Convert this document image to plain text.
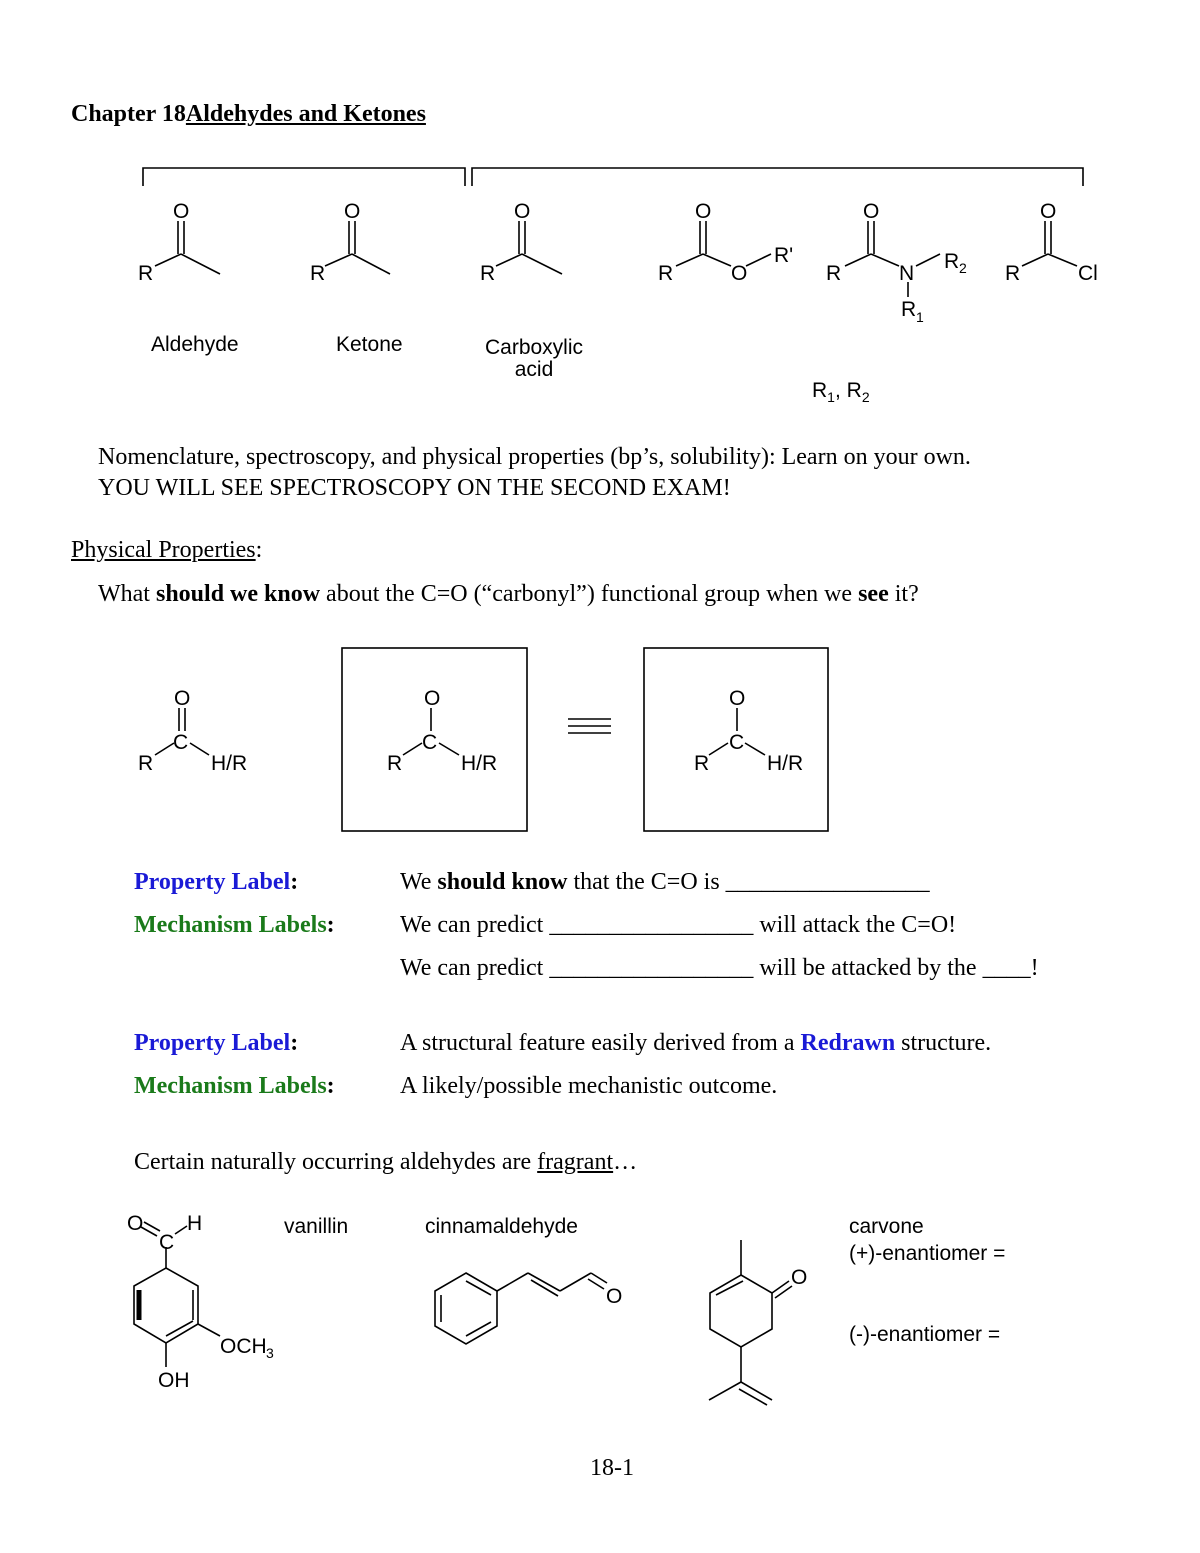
Chapter 18Aldehydes and Ketones
O
R
O
R
O
R
O
R	O
R'
O
R	N
R 2
R 1
O
R	Cl
O
C
R	H/R
O
C
R	H/R
O
C
R	H/R
O
C
H
OCH 3
OH
O
O
Aldehyde	Ketone	Carboxylic
acid
$R_1$, $R_2$
Nomenclature, spectroscopy, and physical properties (bp’s, solubility): Learn on your own.
YOU WILL SEE SPECTROSCOPY ON THE SECOND EXAM!
Physical Properties:
What should we know about the C=O (“carbonyl”) functional group when we see it?
Property Label:	We should know that the C=O is _________________
Mechanism Labels:	We can predict _________________ will attack the C=O!
We can predict _________________ will be attacked by the ____!
Property Label:	A structural feature easily derived from a Redrawn structure.
Mechanism Labels:	A likely/possible mechanistic outcome.
Certain naturally occurring aldehydes are fragrant…
vanillin	cinnamaldehyde	carvone
(+)-enantiomer =
(-)-enantiomer =
18-1
